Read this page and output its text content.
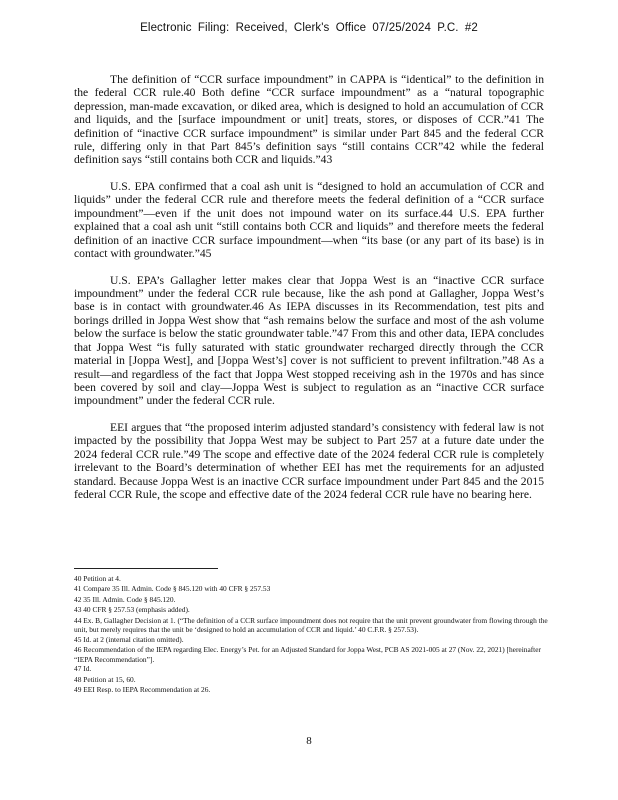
Electronic Filing: Received, Clerk's Office 07/25/2024 P.C. #2

The definition of “CCR surface impoundment” in CAPPA is “identical” to the definition in the federal CCR rule.40 Both define “CCR surface impoundment” as a “natural topographic depression, man-made excavation, or diked area, which is designed to hold an accumulation of CCR and liquids, and the [surface impoundment or unit] treats, stores, or disposes of CCR.”41 The definition of “inactive CCR surface impoundment” is similar under Part 845 and the federal CCR rule, differing only in that Part 845’s definition says “still contains CCR”42 while the federal definition says “still contains both CCR and liquids.”43

U.S. EPA confirmed that a coal ash unit is “designed to hold an accumulation of CCR and liquids” under the federal CCR rule and therefore meets the federal definition of a “CCR surface impoundment”—even if the unit does not impound water on its surface.44 U.S. EPA further explained that a coal ash unit “still contains both CCR and liquids” and therefore meets the federal definition of an inactive CCR surface impoundment—when “its base (or any part of its base) is in contact with groundwater.”45

U.S. EPA’s Gallagher letter makes clear that Joppa West is an “inactive CCR surface impoundment” under the federal CCR rule because, like the ash pond at Gallagher, Joppa West’s base is in contact with groundwater.46 As IEPA discusses in its Recommendation, test pits and borings drilled in Joppa West show that “ash remains below the surface and most of the ash volume below the surface is below the static groundwater table.”47 From this and other data, IEPA concludes that Joppa West “is fully saturated with static groundwater recharged directly through the CCR material in [Joppa West], and [Joppa West’s] cover is not sufficient to prevent infiltration.”48 As a result—and regardless of the fact that Joppa West stopped receiving ash in the 1970s and has since been covered by soil and clay—Joppa West is subject to regulation as an “inactive CCR surface impoundment” under the federal CCR rule.

EEI argues that “the proposed interim adjusted standard’s consistency with federal law is not impacted by the possibility that Joppa West may be subject to Part 257 at a future date under the 2024 federal CCR rule.”49 The scope and effective date of the 2024 federal CCR rule is completely irrelevant to the Board’s determination of whether EEI has met the requirements for an adjusted standard. Because Joppa West is an inactive CCR surface impoundment under Part 845 and the 2015 federal CCR Rule, the scope and effective date of the 2024 federal CCR rule have no bearing here.

40 Petition at 4.

41 Compare 35 Ill. Admin. Code § 845.120 with 40 CFR § 257.53

42 35 Ill. Admin. Code § 845.120.

43 40 CFR § 257.53 (emphasis added).

44 Ex. B, Gallagher Decision at 1. (“The definition of a CCR surface impoundment does not require that the unit prevent groundwater from flowing through the unit, but merely requires that the unit be ‘designed to hold an accumulation of CCR and liquid.’ 40 C.F.R. § 257.53).

45 Id. at 2 (internal citation omitted).

46 Recommendation of the IEPA regarding Elec. Energy’s Pet. for an Adjusted Standard for Joppa West, PCB AS 2021-005 at 27 (Nov. 22, 2021) [hereinafter “IEPA Recommendation”].

47 Id.

48 Petition at 15, 60.

49 EEI Resp. to IEPA Recommendation at 26.

8
